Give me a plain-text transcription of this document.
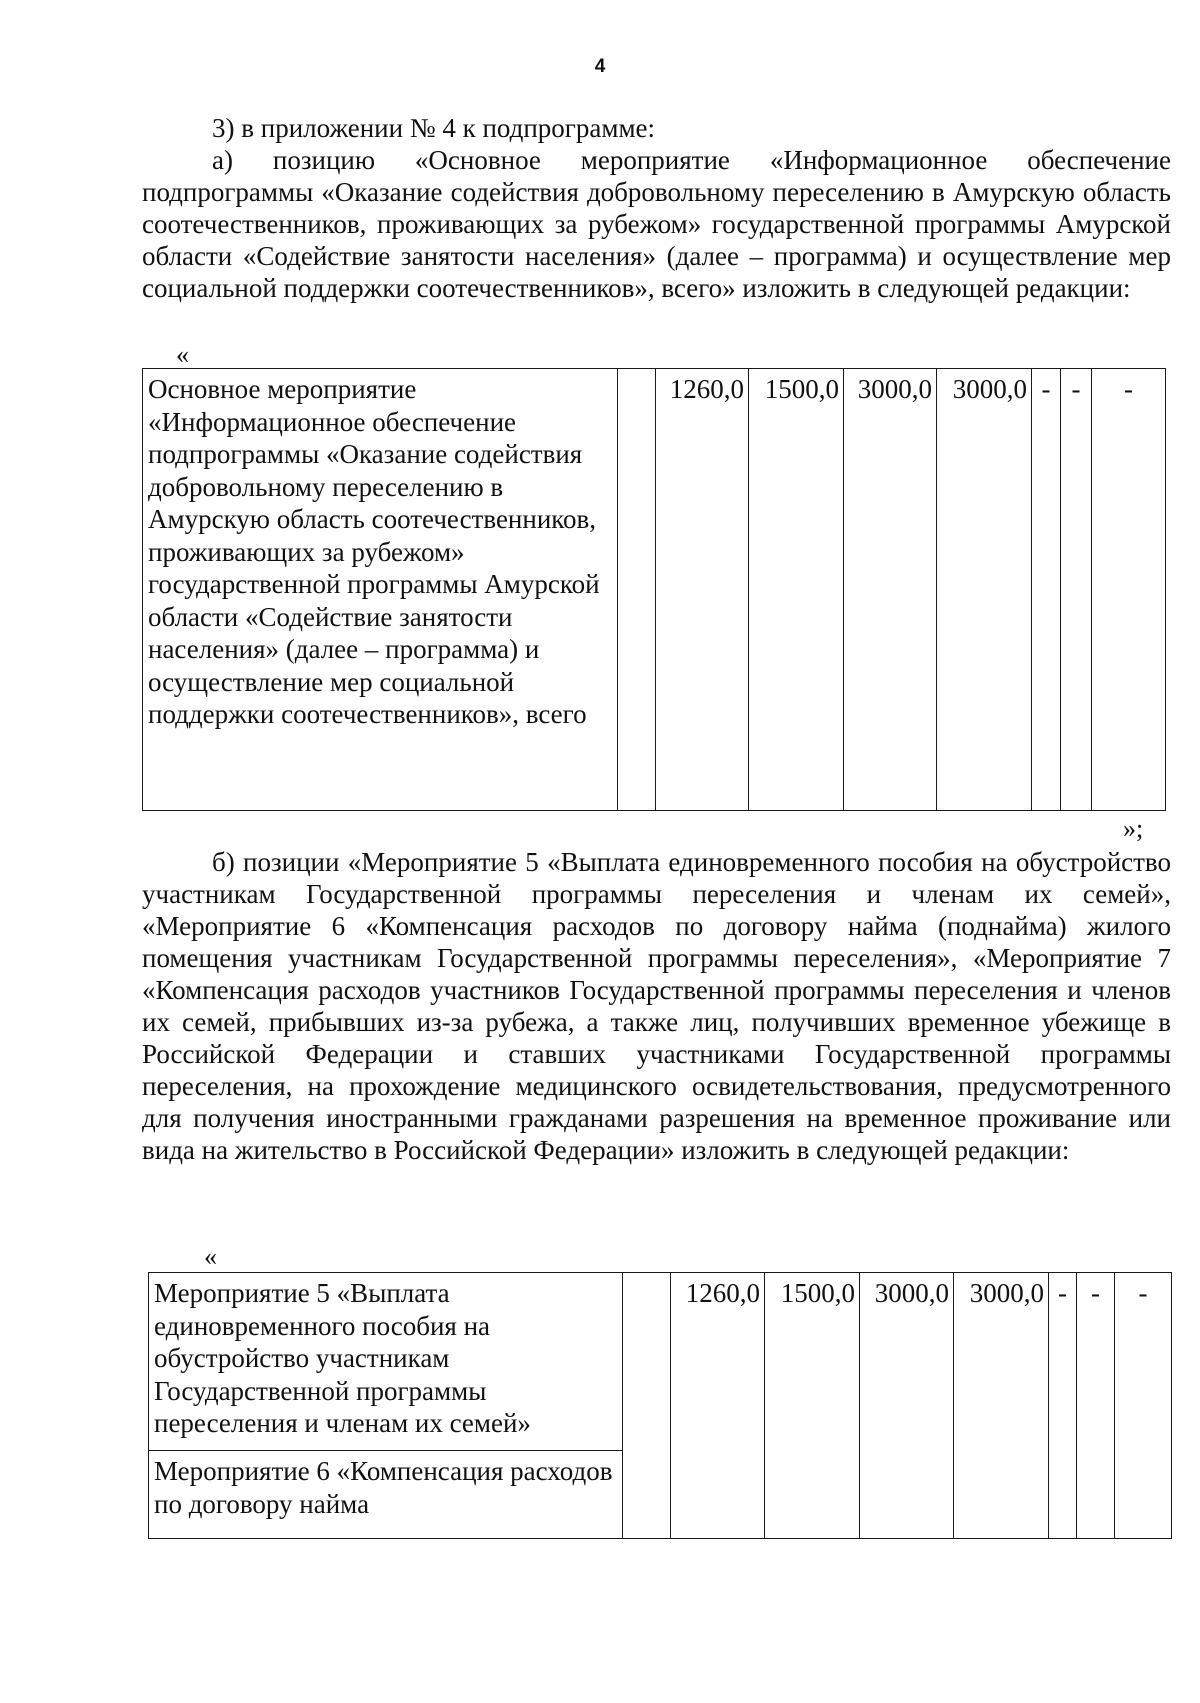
4

3) в приложении № 4 к подпрограмме:

а) позицию «Основное мероприятие «Информационное обеспечение подпрограммы «Оказание содействия добровольному переселению в Амурскую область соотечественников, проживающих за рубежом» государственной программы Амурской области «Содействие занятости населения» (далее – программа) и осуществление мер социальной поддержки соотечественников», всего» изложить в следующей редакции:

«
Основное мероприятие «Информационное обеспечение подпрограммы «Оказание содействия добровольному переселению в Амурскую область соотечественников, проживающих за рубежом» государственной программы Амурской области «Содействие занятости населения» (далее – программа) и осуществление мер социальной поддержки соотечественников», всего		1260,0	1500,0	3000,0	3000,0	-	-	-
»;

б) позиции «Мероприятие 5 «Выплата единовременного пособия на обустройство участникам Государственной программы переселения и членам их семей», «Мероприятие 6 «Компенсация расходов по договору найма (поднайма) жилого помещения участникам Государственной программы переселения», «Мероприятие 7 «Компенсация расходов участников Государственной программы переселения и членов их семей, прибывших из-за рубежа, а также лиц, получивших временное убежище в Российской Федерации и ставших участниками Государственной программы переселения, на прохождение медицинского освидетельствования, предусмотренного для получения иностранными гражданами разрешения на временное проживание или вида на жительство в Российской Федерации» изложить в следующей редакции:

«
Мероприятие 5 «Выплата единовременного пособия на обустройство участникам Государственной программы переселения и членам их семей»		1260,0	1500,0	3000,0	3000,0	-	-	-
Мероприятие 6 «Компенсация расходов по договору найма
